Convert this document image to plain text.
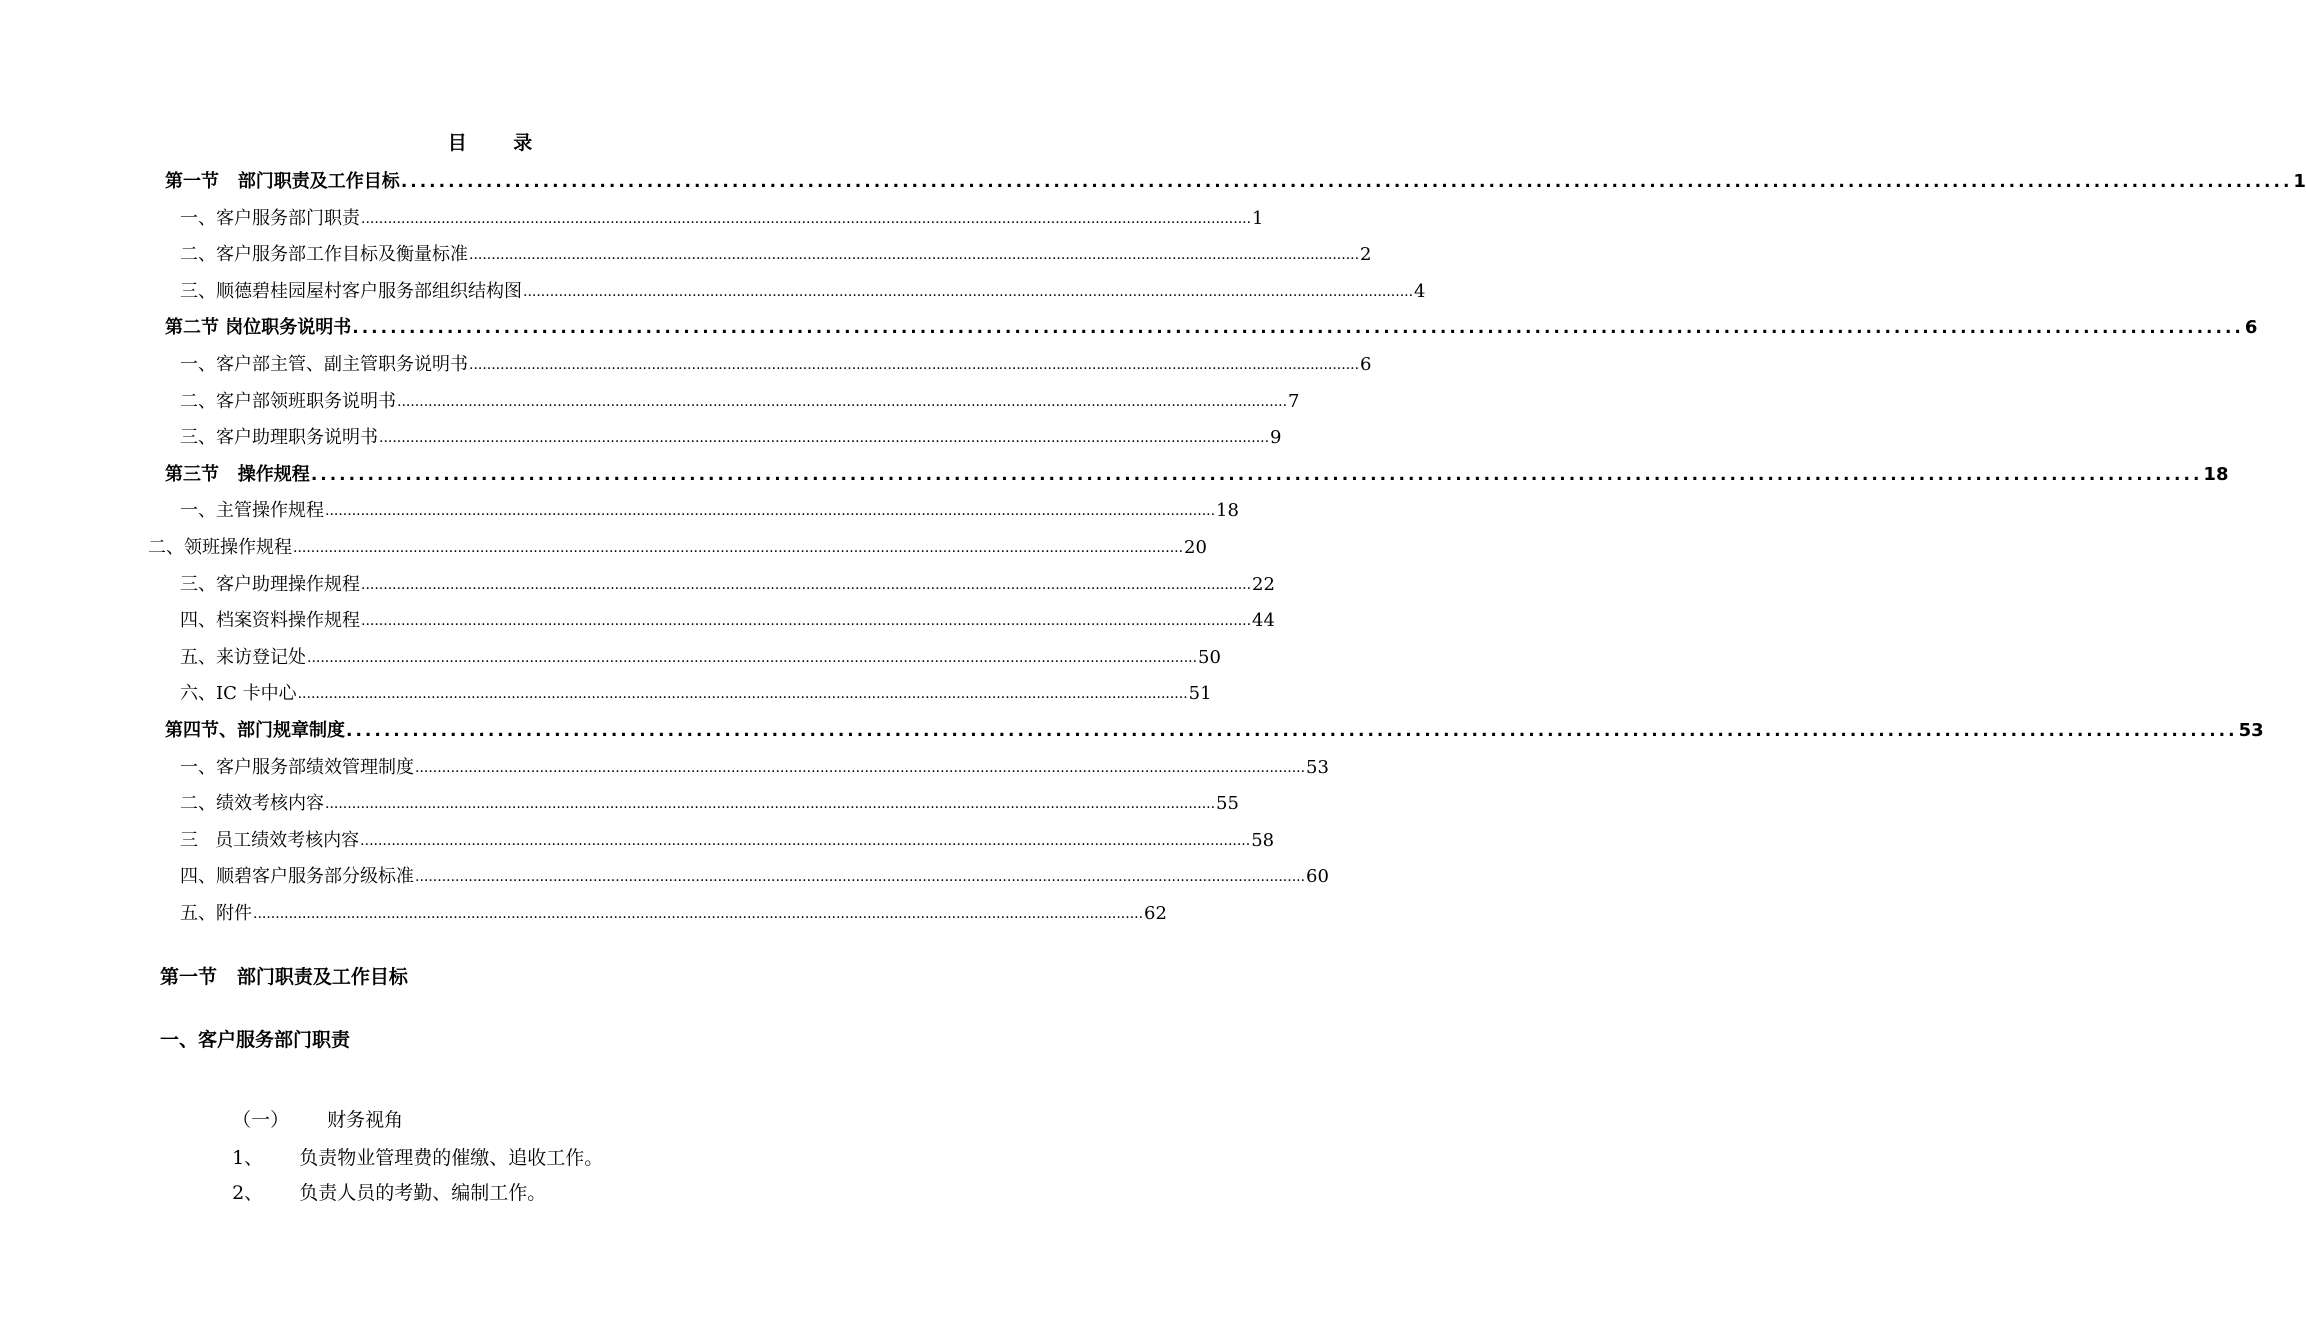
目 录
第一节   部门职责及工作目标 ........................................................................................................................................................................................................ 1
一、客户服务部门职责 ........................................................................................................................................................................................................ 1
二、客户服务部工作目标及衡量标准 ........................................................................................................................................................................................................ 2
三、顺德碧桂园屋村客户服务部组织结构图 ........................................................................................................................................................................................................ 4
第二节 岗位职务说明书 ........................................................................................................................................................................................................ 6
一、客户部主管、副主管职务说明书 ........................................................................................................................................................................................................ 6
二、客户部领班职务说明书 ........................................................................................................................................................................................................ 7
三、客户助理职务说明书 ........................................................................................................................................................................................................ 9
第三节   操作规程 ........................................................................................................................................................................................................ 18
一、主管操作规程 ........................................................................................................................................................................................................ 18
二、领班操作规程 ........................................................................................................................................................................................................ 20
三、客户助理操作规程 ........................................................................................................................................................................................................ 22
四、档案资料操作规程 ........................................................................................................................................................................................................ 44
五、来访登记处 ........................................................................................................................................................................................................ 50
六、IC 卡中心 ........................................................................................................................................................................................................ 51
第四节、部门规章制度 ........................................................................................................................................................................................................ 53
一、客户服务部绩效管理制度 ........................................................................................................................................................................................................ 53
二、绩效考核内容 ........................................................................................................................................................................................................ 55
三   员工绩效考核内容 ........................................................................................................................................................................................................ 58
四、顺碧客户服务部分级标准 ........................................................................................................................................................................................................ 60
五、附件 ........................................................................................................................................................................................................ 62
第一节   部门职责及工作目标
一、客户服务部门职责

（一） 财务视角

1、 负责物业管理费的催缴、追收工作。

2、 负责人员的考勤、编制工作。
